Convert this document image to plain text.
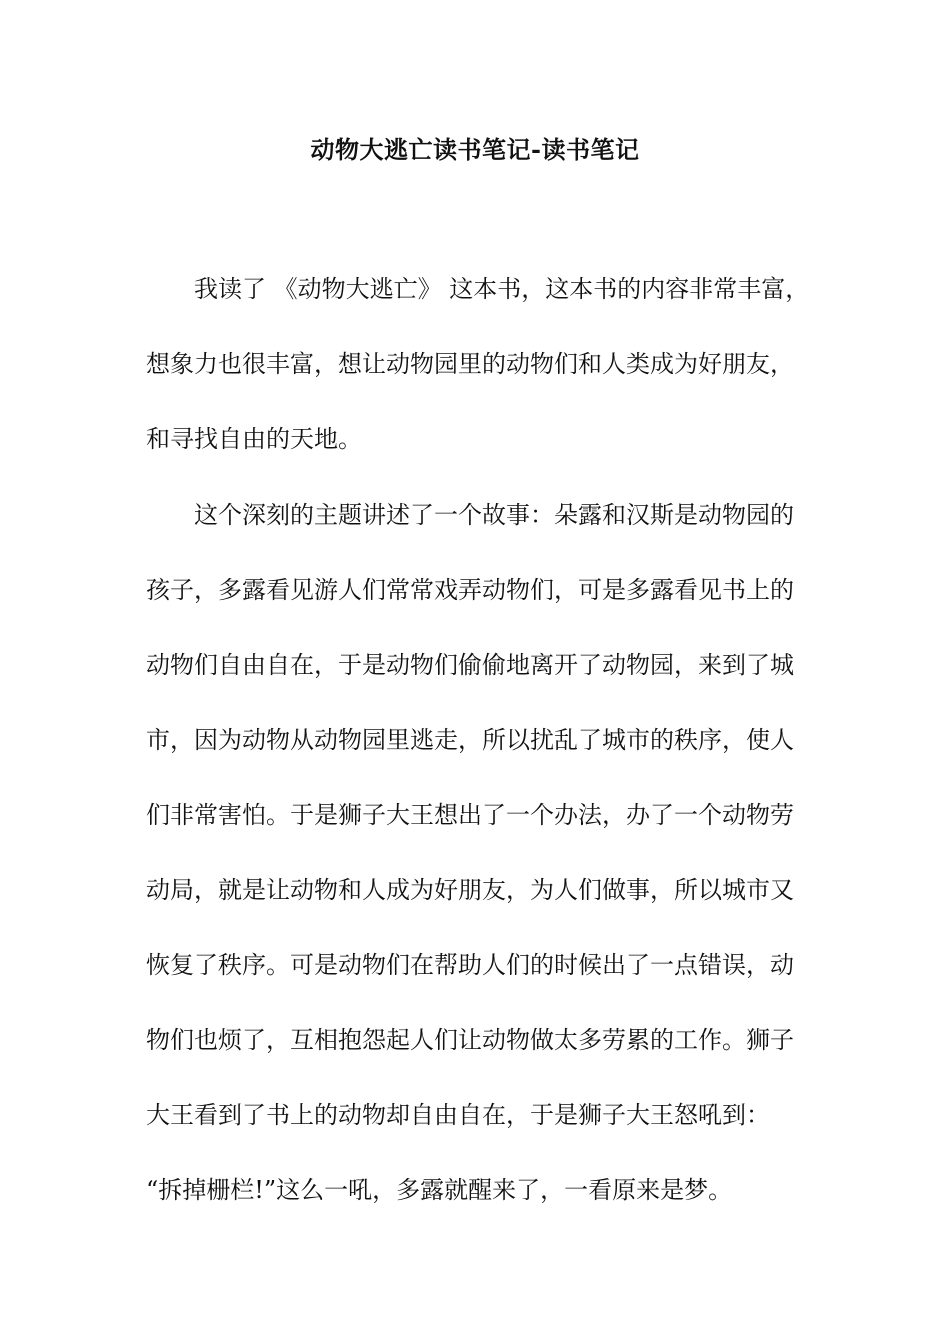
动物大逃亡读书笔记-读书笔记
我读了 《动物大逃亡》 这本书，这本书的内容非常丰富，
想象力也很丰富，想让动物园里的动物们和人类成为好朋友，
和寻找自由的天地。
这个深刻的主题讲述了一个故事：朵露和汉斯是动物园的
孩子，多露看见游人们常常戏弄动物们，可是多露看见书上的
动物们自由自在，于是动物们偷偷地离开了动物园，来到了城
市，因为动物从动物园里逃走，所以扰乱了城市的秩序，使人
们非常害怕。于是狮子大王想出了一个办法，办了一个动物劳
动局，就是让动物和人成为好朋友，为人们做事，所以城市又
恢复了秩序。可是动物们在帮助人们的时候出了一点错误，动
物们也烦了，互相抱怨起人们让动物做太多劳累的工作。狮子
大王看到了书上的动物却自由自在，于是狮子大王怒吼到：
“拆掉栅栏!”这么一吼，多露就醒来了，一看原来是梦。
